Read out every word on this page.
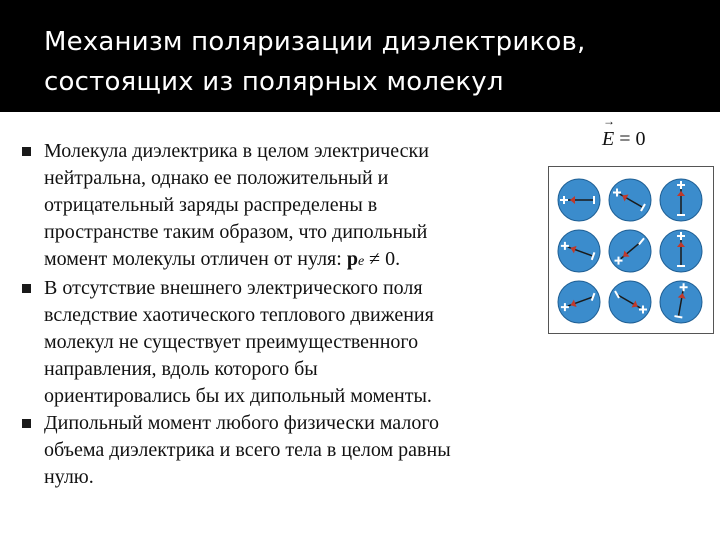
Механизм поляризации диэлектриков, состоящих из полярных молекул
Молекула диэлектрика в целом электрически
нейтральна, однако ее положительный и
отрицательный заряды распределены в
пространстве таким образом, что дипольный
момент молекулы отличен от нуля: pe ≠ 0.
В отсутствие внешнего электрического поля
вследствие хаотического теплового движения
молекул не существует преимущественного
направления, вдоль которого бы
ориентировались бы их дипольный моменты.
Дипольный момент любого физически малого
объема диэлектрика и всего тела в целом равны
нулю.
→ E = 0
